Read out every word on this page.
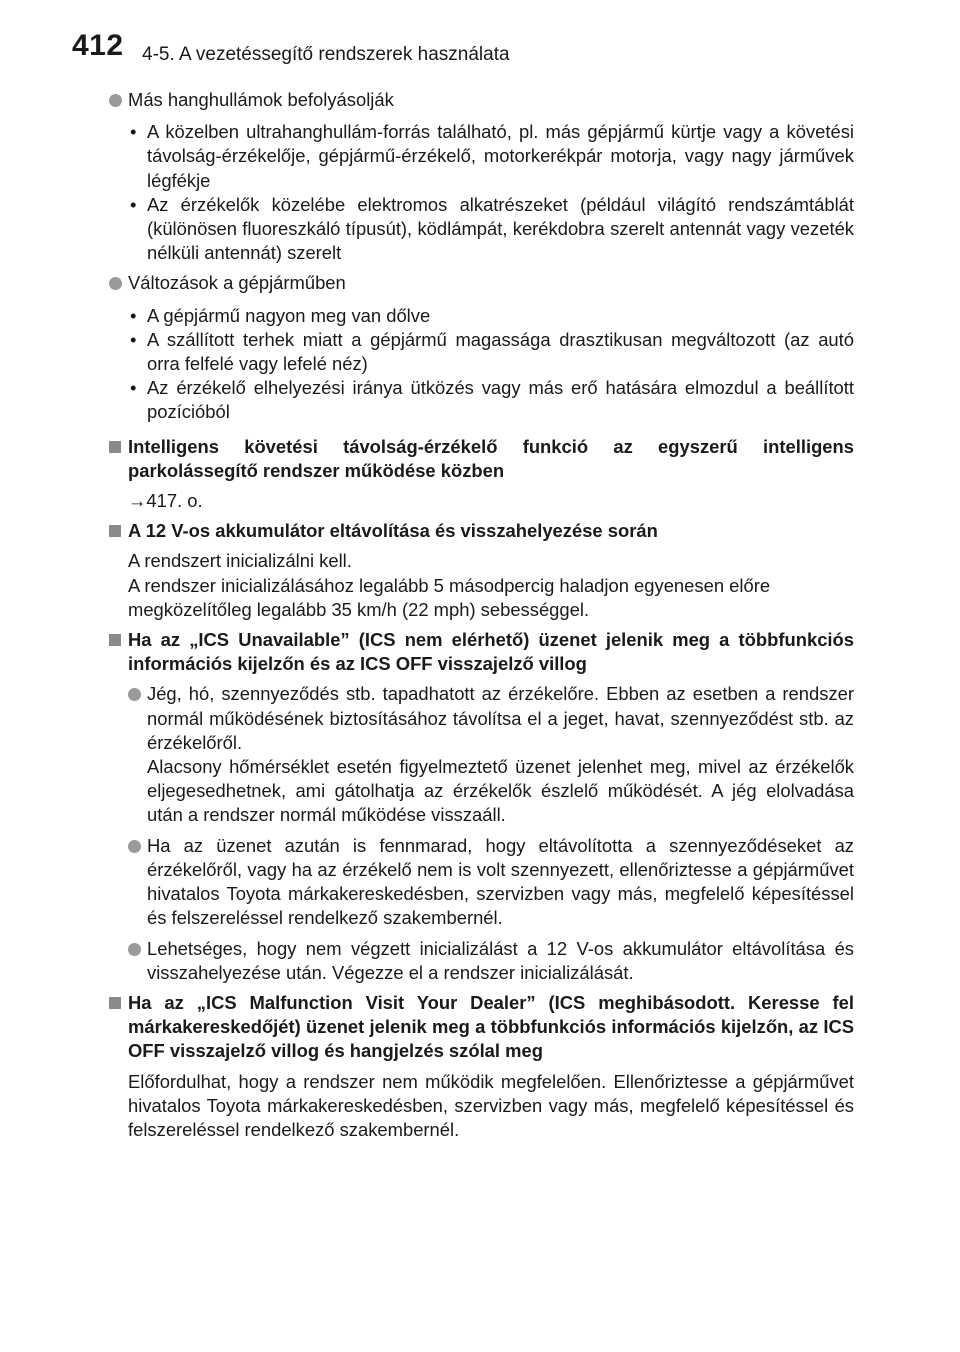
412 4-5. A vezetéssegítő rendszerek használata

Más hanghullámok befolyásolják

• A közelben ultrahanghullám-forrás található, pl. más gépjármű kürtje vagy a követési távolság-érzékelője, gépjármű-érzékelő, motorkerékpár motorja, vagy nagy járművek légfékje

• Az érzékelők közelébe elektromos alkatrészeket (például világító rendszámtáblát (különösen fluoreszkáló típusút), ködlámpát, kerékdobra szerelt antennát vagy vezeték nélküli antennát) szerelt

Változások a gépjárműben

• A gépjármű nagyon meg van dőlve

• A szállított terhek miatt a gépjármű magassága drasztikusan megváltozott (az autó orra felfelé vagy lefelé néz)

• Az érzékelő elhelyezési iránya ütközés vagy más erő hatására elmozdul a beállított pozícióból

Intelligens követési távolság-érzékelő funkció az egyszerű intelligens parkolássegítő rendszer működése közben

→417. o.

A 12 V-os akkumulátor eltávolítása és visszahelyezése során

A rendszert inicializálni kell.

A rendszer inicializálásához legalább 5 másodpercig haladjon egyenesen előre megközelítőleg legalább 35 km/h (22 mph) sebességgel.

Ha az „ICS Unavailable” (ICS nem elérhető) üzenet jelenik meg a többfunkciós információs kijelzőn és az ICS OFF visszajelző villog

Jég, hó, szennyeződés stb. tapadhatott az érzékelőre. Ebben az esetben a rendszer normál működésének biztosításához távolítsa el a jeget, havat, szennyeződést stb. az érzékelőről.

Alacsony hőmérséklet esetén figyelmeztető üzenet jelenhet meg, mivel az érzékelők eljegesedhetnek, ami gátolhatja az érzékelők észlelő működését. A jég elolvadása után a rendszer normál működése visszaáll.

Ha az üzenet azután is fennmarad, hogy eltávolította a szennyeződéseket az érzékelőről, vagy ha az érzékelő nem is volt szennyezett, ellenőriztesse a gépjárművet hivatalos Toyota márkakereskedésben, szervizben vagy más, megfelelő képesítéssel és felszereléssel rendelkező szakembernél.

Lehetséges, hogy nem végzett inicializálást a 12 V-os akkumulátor eltávolítása és visszahelyezése után. Végezze el a rendszer inicializálását.

Ha az „ICS Malfunction Visit Your Dealer” (ICS meghibásodott. Keresse fel márkakereskedőjét) üzenet jelenik meg a többfunkciós információs kijelzőn, az ICS OFF visszajelző villog és hangjelzés szólal meg

Előfordulhat, hogy a rendszer nem működik megfelelően. Ellenőriztesse a gépjárművet hivatalos Toyota márkakereskedésben, szervizben vagy más, megfelelő képesítéssel és felszereléssel rendelkező szakembernél.
